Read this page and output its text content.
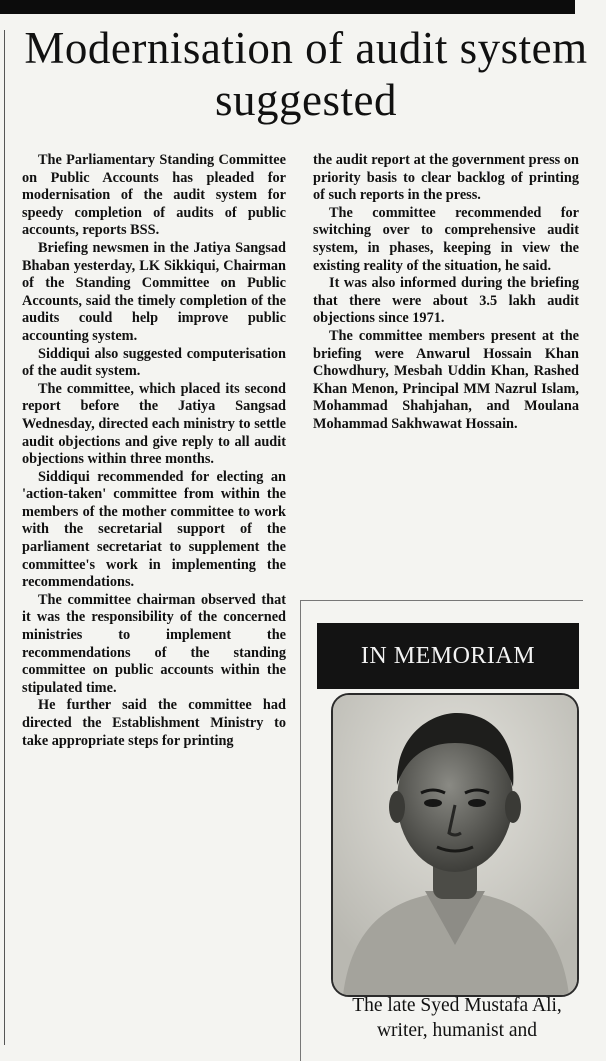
Modernisation of audit system suggested

The Parliamentary Standing Committee on Public Accounts has pleaded for modernisation of the audit system for speedy completion of audits of public accounts, reports BSS.

Briefing newsmen in the Jatiya Sangsad Bhaban yesterday, LK Sikkiqui, Chairman of the Standing Committee on Public Accounts, said the timely completion of the audits could help improve public accounting system.

Siddiqui also suggested computerisation of the audit system.

The committee, which placed its second report before the Jatiya Sangsad Wednesday, directed each ministry to settle audit objections and give reply to all audit objections within three months.

Siddiqui recommended for electing an 'action-taken' committee from within the members of the mother committee to work with the secretarial support of the parliament secretariat to supplement the committee's work in implementing the recommendations.

The committee chairman observed that it was the responsibility of the concerned ministries to implement the recommendations of the standing committee on public accounts within the stipulated time.

He further said the committee had directed the Establishment Ministry to take appropriate steps for printing

the audit report at the government press on priority basis to clear backlog of printing of such reports in the press.

The committee recommended for switching over to comprehensive audit system, in phases, keeping in view the existing reality of the situation, he said.

It was also informed during the briefing that there were about 3.5 lakh audit objections since 1971.

The committee members present at the briefing were Anwarul Hossain Khan Chowdhury, Mesbah Uddin Khan, Rashed Khan Menon, Principal MM Nazrul Islam, Mohammad Shahjahan, and Moulana Mohammad Sakhwawat Hossain.

IN MEMORIAM

The late Syed Mustafa Ali, writer, humanist and
